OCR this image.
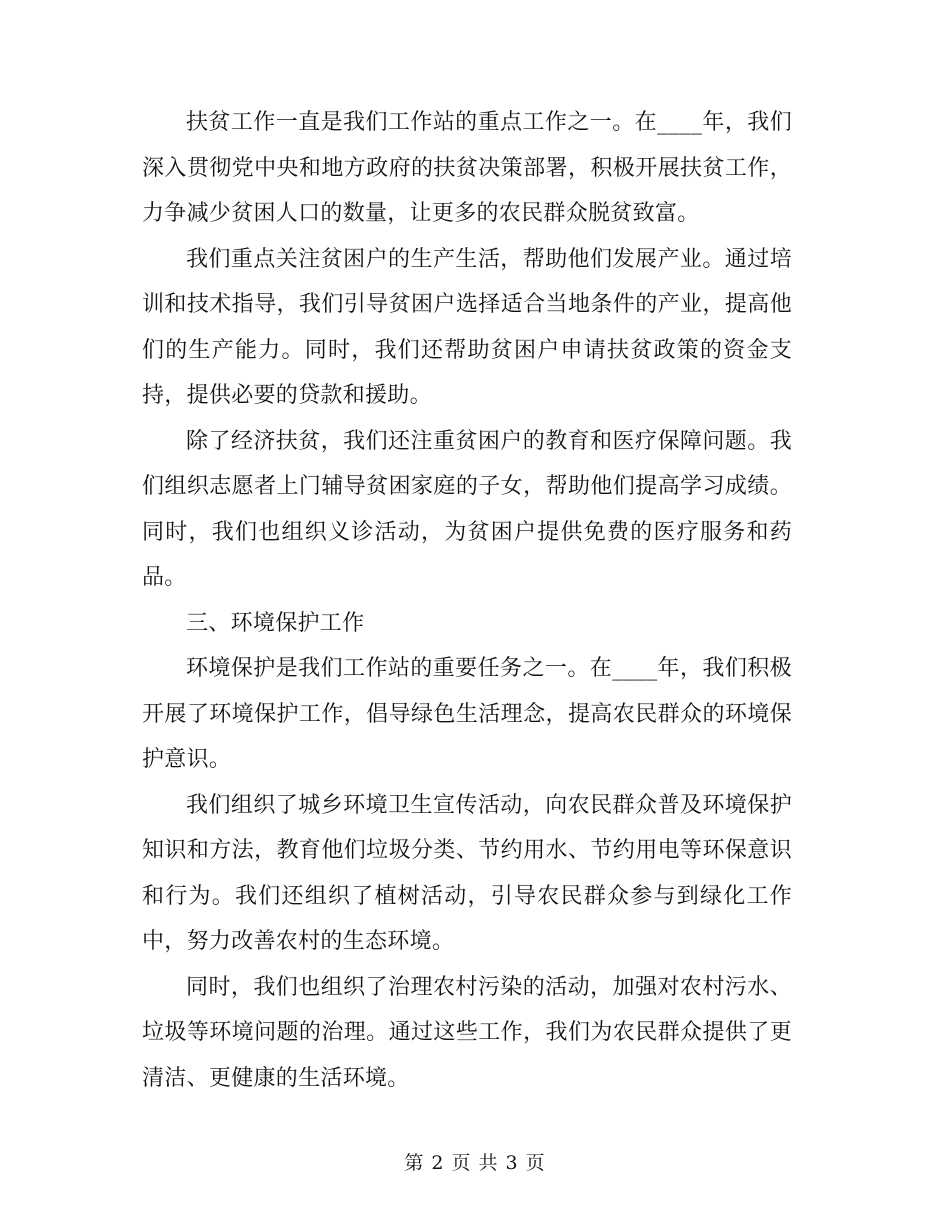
扶贫工作一直是我们工作站的重点工作之一。在____年，我们深入贯彻党中央和地方政府的扶贫决策部署，积极开展扶贫工作，力争减少贫困人口的数量，让更多的农民群众脱贫致富。

我们重点关注贫困户的生产生活，帮助他们发展产业。通过培训和技术指导，我们引导贫困户选择适合当地条件的产业，提高他们的生产能力。同时，我们还帮助贫困户申请扶贫政策的资金支持，提供必要的贷款和援助。

除了经济扶贫，我们还注重贫困户的教育和医疗保障问题。我们组织志愿者上门辅导贫困家庭的子女，帮助他们提高学习成绩。同时，我们也组织义诊活动，为贫困户提供免费的医疗服务和药品。

三、环境保护工作

环境保护是我们工作站的重要任务之一。在____年，我们积极开展了环境保护工作，倡导绿色生活理念，提高农民群众的环境保护意识。

我们组织了城乡环境卫生宣传活动，向农民群众普及环境保护知识和方法，教育他们垃圾分类、节约用水、节约用电等环保意识和行为。我们还组织了植树活动，引导农民群众参与到绿化工作中，努力改善农村的生态环境。

同时，我们也组织了治理农村污染的活动，加强对农村污水、垃圾等环境问题的治理。通过这些工作，我们为农民群众提供了更清洁、更健康的生活环境。

第 2 页 共 3 页
